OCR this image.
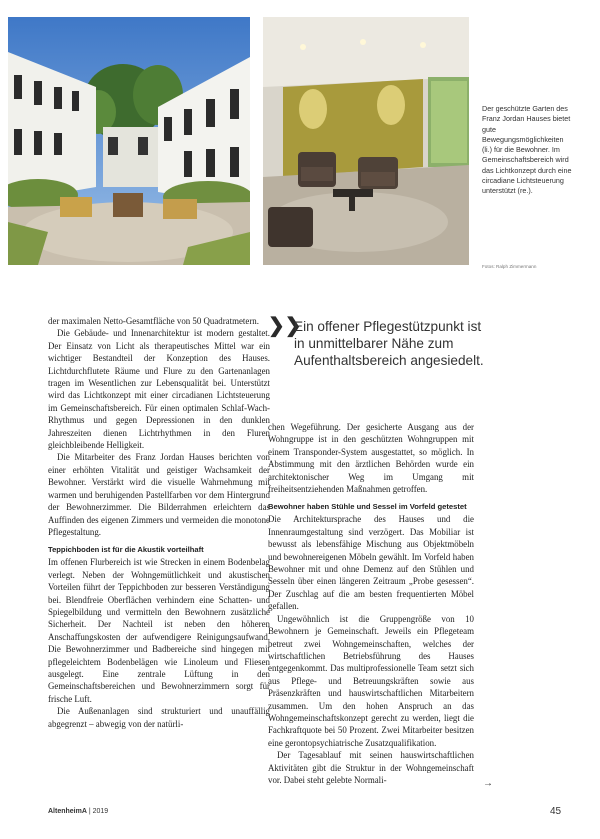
Der geschützte Garten des Franz Jordan Hauses bietet gute Bewegungsmöglichkeiten (li.) für die Bewohner. Im Gemeinschaftsbereich wird das Lichtkonzept durch eine circadiane Lichtsteuerung unterstützt (re.).
Fotos: Ralph Zimmermann
❯❯
Ein offener Pflegestützpunkt ist in unmittelbarer Nähe zum Aufenthaltsbereich angesiedelt.

der maximalen Netto-Gesamtfläche von 50 Quadratmetern.

Die Gebäude- und Innenarchitektur ist modern gestaltet. Der Einsatz von Licht als therapeutisches Mittel war ein wichtiger Bestandteil der Konzeption des Hauses. Lichtdurchflutete Räume und Flure zu den Gartenanlagen tragen im Wesentlichen zur Lebensqualität bei. Unterstützt wird das Lichtkonzept mit einer circadianen Lichtsteuerung im Gemeinschaftsbereich. Für einen optimalen Schlaf-Wach-Rhythmus und gegen Depressionen in den dunklen Jahreszeiten dienen Lichtrhythmen in den Fluren gleichbleibende Helligkeit.

Die Mitarbeiter des Franz Jordan Hauses berichten von einer erhöhten Vitalität und geistiger Wachsamkeit der Bewohner. Verstärkt wird die visuelle Wahrnehmung mit warmen und beruhigenden Pastellfarben vor dem Hintergrund der Bewohnerzimmer. Die Bilderrahmen erleichtern das Auffinden des eigenen Zimmers und vermeiden die monotone Pflegestaltung.

Teppichboden ist für die Akustik vorteilhaft

Im offenen Flurbereich ist wie Strecken in einem Bodenbelag verlegt. Neben der Wohngemütlichkeit und akustischen Vorteilen führt der Teppichboden zur besseren Verständigung bei. Blendfreie Oberflächen verhindern eine Schatten- und Spiegelbildung und vermitteln den Bewohnern zusätzliche Sicherheit. Der Nachteil ist neben den höheren Anschaffungskosten der aufwendigere Reinigungsaufwand. Die Bewohnerzimmer und Badbereiche sind hingegen mit pflegeleichtem Bodenbelägen wie Linoleum und Fliesen ausgelegt. Eine zentrale Lüftung in den Gemeinschaftsbereichen und Bewohnerzimmern sorgt für frische Luft.

Die Außenanlagen sind strukturiert und unauffällig abgegrenzt – abwegig von der natürli-

chen Wegeführung. Der gesicherte Ausgang aus der Wohngruppe ist in den geschützten Wohngruppen mit einem Transponder-System ausgestattet, so möglich. In Abstimmung mit den ärztlichen Behörden wurde ein architektonischer Weg im Umgang mit freiheitsentziehenden Maßnahmen getroffen.

Bewohner haben Stühle und Sessel im Vorfeld getestet

Die Architektursprache des Hauses und die Innenraumgestaltung sind verzögert. Das Mobiliar ist bewusst als lebensfähige Mischung aus Objektmöbeln und bewohnereigenen Möbeln gewählt. Im Vorfeld haben Bewohner mit und ohne Demenz auf den Stühlen und Sesseln über einen längeren Zeitraum „Probe gesessen“. Der Zuschlag auf die am besten frequentierten Möbel gefallen.

Ungewöhnlich ist die Gruppengröße von 10 Bewohnern je Gemeinschaft. Jeweils ein Pflegeteam betreut zwei Wohngemeinschaften, welches der wirtschaftlichen Betriebsführung des Hauses entgegenkommt. Das multiprofessionelle Team setzt sich aus Pflege- und Betreuungskräften sowie aus Präsenzkräften und hauswirtschaftlichen Mitarbeitern zusammen. Um den hohen Anspruch an das Wohngemeinschaftskonzept gerecht zu werden, liegt die Fachkraftquote bei 50 Prozent. Zwei Mitarbeiter besitzen eine gerontopsychiatrische Zusatzqualifikation.

Der Tagesablauf mit seinen hauswirtschaftlichen Aktivitäten gibt die Struktur in der Wohngemeinschaft vor. Dabei steht gelebte Normali-	→
AltenheimA | 2019	45
